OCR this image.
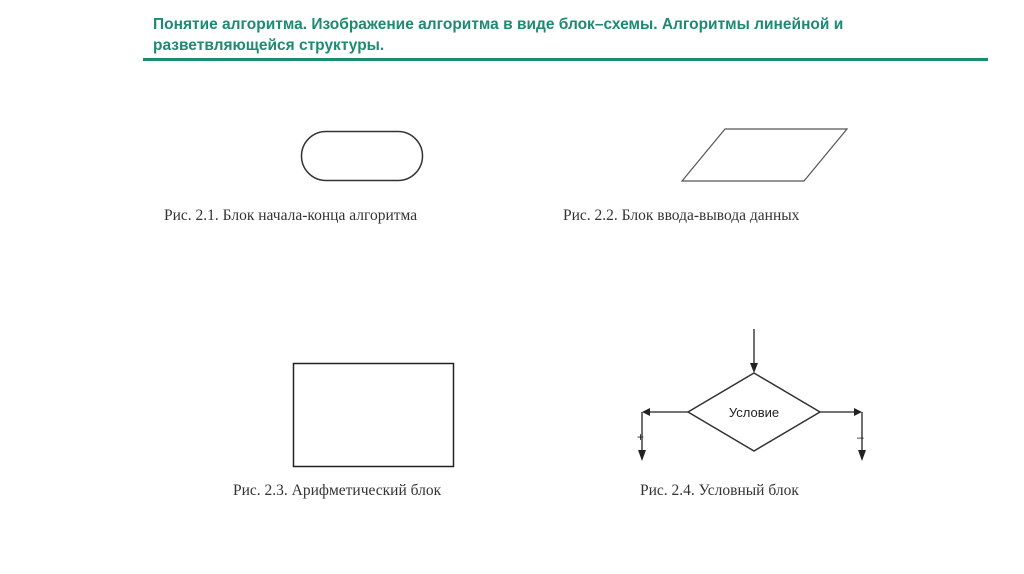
Понятие алгоритма. Изображение алгоритма в виде блок–схемы. Алгоритмы линейной и разветвляющейся структуры.
Рис. 2.1. Блок начала-конца алгоритма	Рис. 2.2. Блок ввода-вывода данных
Рис. 2.3. Арифметический блок
Условие
+	–
Рис. 2.4. Условный блок
